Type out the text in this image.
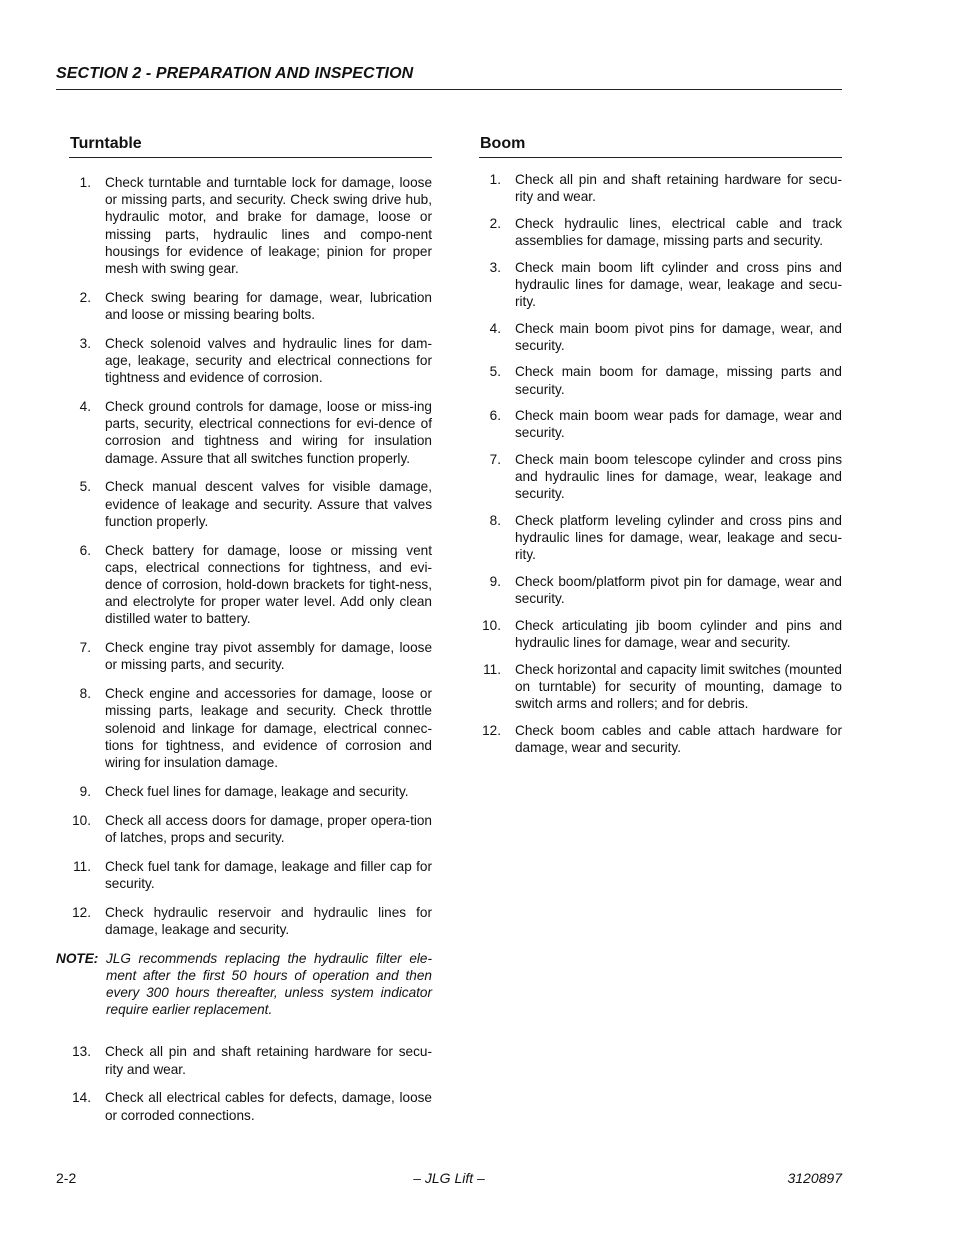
SECTION 2 - PREPARATION AND INSPECTION
Turntable
1.	Check turntable and turntable lock for damage, loose or missing parts, and security. Check swing drive hub, hydraulic motor, and brake for damage, loose or missing parts, hydraulic lines and compo-nent housings for evidence of leakage; pinion for proper mesh with swing gear.
2.	Check swing bearing for damage, wear, lubrication and loose or missing bearing bolts.
3.	Check solenoid valves and hydraulic lines for dam-age, leakage, security and electrical connections for tightness and evidence of corrosion.
4.	Check ground controls for damage, loose or miss-ing parts, security, electrical connections for evi-dence of corrosion and tightness and wiring for insulation damage. Assure that all switches function properly.
5.	Check manual descent valves for visible damage, evidence of leakage and security. Assure that valves function properly.
6.	Check battery for damage, loose or missing vent caps, electrical connections for tightness, and evi-dence of corrosion, hold-down brackets for tight-ness, and electrolyte for proper water level. Add only clean distilled water to battery.
7.	Check engine tray pivot assembly for damage, loose or missing parts, and security.
8.	Check engine and accessories for damage, loose or missing parts, leakage and security. Check throttle solenoid and linkage for damage, electrical connec-tions for tightness, and evidence of corrosion and wiring for insulation damage.
9.	Check fuel lines for damage, leakage and security.
10.	Check all access doors for damage, proper opera-tion of latches, props and security.
11.	Check fuel tank for damage, leakage and filler cap for security.
12.	Check hydraulic reservoir and hydraulic lines for damage, leakage and security.
NOTE: JLG recommends replacing the hydraulic filter ele-ment after the first 50 hours of operation and then every 300 hours thereafter, unless system indicator require earlier replacement.
13.	Check all pin and shaft retaining hardware for secu-rity and wear.
14.	Check all electrical cables for defects, damage, loose or corroded connections.
Boom
1.	Check all pin and shaft retaining hardware for secu-rity and wear.
2.	Check hydraulic lines, electrical cable and track assemblies for damage, missing parts and security.
3.	Check main boom lift cylinder and cross pins and hydraulic lines for damage, wear, leakage and secu-rity.
4.	Check main boom pivot pins for damage, wear, and security.
5.	Check main boom for damage, missing parts and security.
6.	Check main boom wear pads for damage, wear and security.
7.	Check main boom telescope cylinder and cross pins and hydraulic lines for damage, wear, leakage and security.
8.	Check platform leveling cylinder and cross pins and hydraulic lines for damage, wear, leakage and secu-rity.
9.	Check boom/platform pivot pin for damage, wear and security.
10.	Check articulating jib boom cylinder and pins and hydraulic lines for damage, wear and security.
11.	Check horizontal and capacity limit switches (mounted on turntable) for security of mounting, damage to switch arms and rollers; and for debris.
12.	Check boom cables and cable attach hardware for damage, wear and security.
2-2	– JLG Lift –	3120897
